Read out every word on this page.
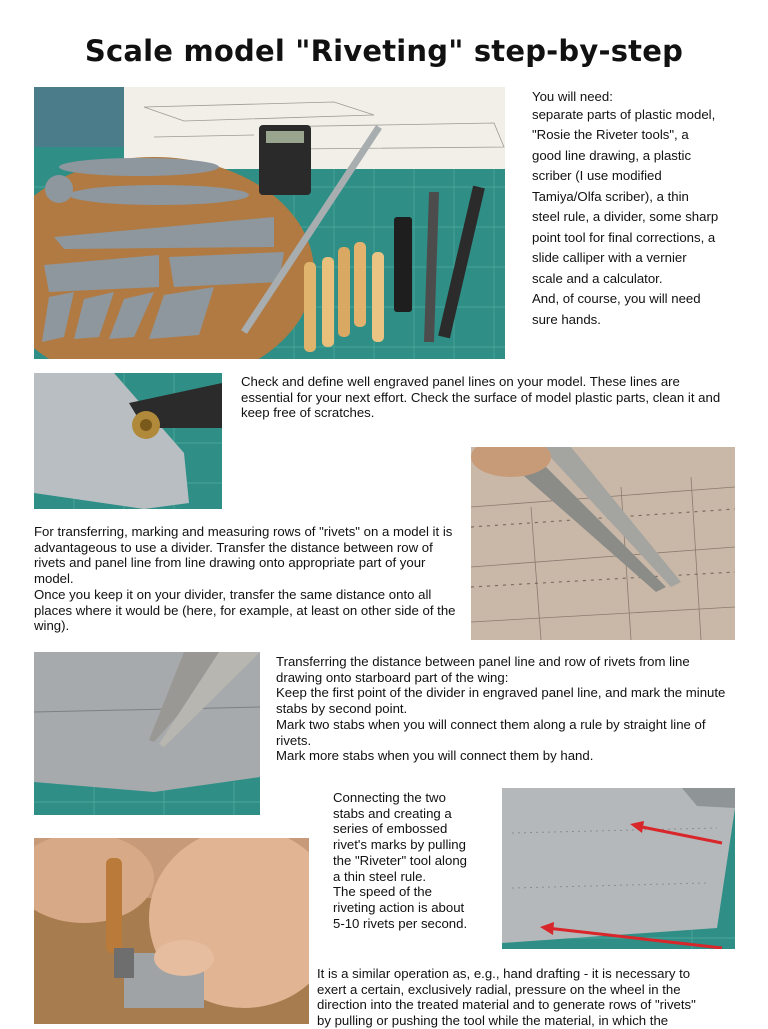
Scale model "Riveting" step-by-step

You will need:

separate parts of plastic model,

"Rosie the Riveter tools", a

good line drawing, a plastic

scriber (I use modified

Tamiya/Olfa scriber), a thin

steel rule, a divider, some sharp

point tool for final corrections, a

slide calliper with a vernier

scale and a calculator.

And, of course, you will need

sure hands.

Check and define well engraved panel lines on your model. These lines are essential for your next effort. Check the surface of model plastic parts, clean it and keep free of scratches.

For transferring, marking and measuring rows of "rivets" on a model it is advantageous to use a divider. Transfer the distance between row of rivets and panel line from line drawing onto appropriate part of your model.

Once you keep it on your divider, transfer the same distance onto all places where it would be (here, for example, at least on other side of the wing).

Transferring the distance between panel line and row of rivets from line drawing onto starboard part of the wing:

Keep the first point of the divider in engraved panel line, and mark the minute stabs by second point.

Mark two stabs when you will connect them along a rule by straight line of rivets.

Mark more stabs when you will connect them by hand.

Connecting the two

stabs and creating a

series of embossed

rivet's marks by pulling

the "Riveter" tool along

a thin steel rule.

The speed of the

riveting action is about

5-10 rivets per second.

It is a similar operation as, e.g., hand drafting - it is necessary to

exert a certain, exclusively radial, pressure on the wheel in the

direction into the treated material and to generate rows of "rivets"

by pulling or pushing the tool while the material, in which the
